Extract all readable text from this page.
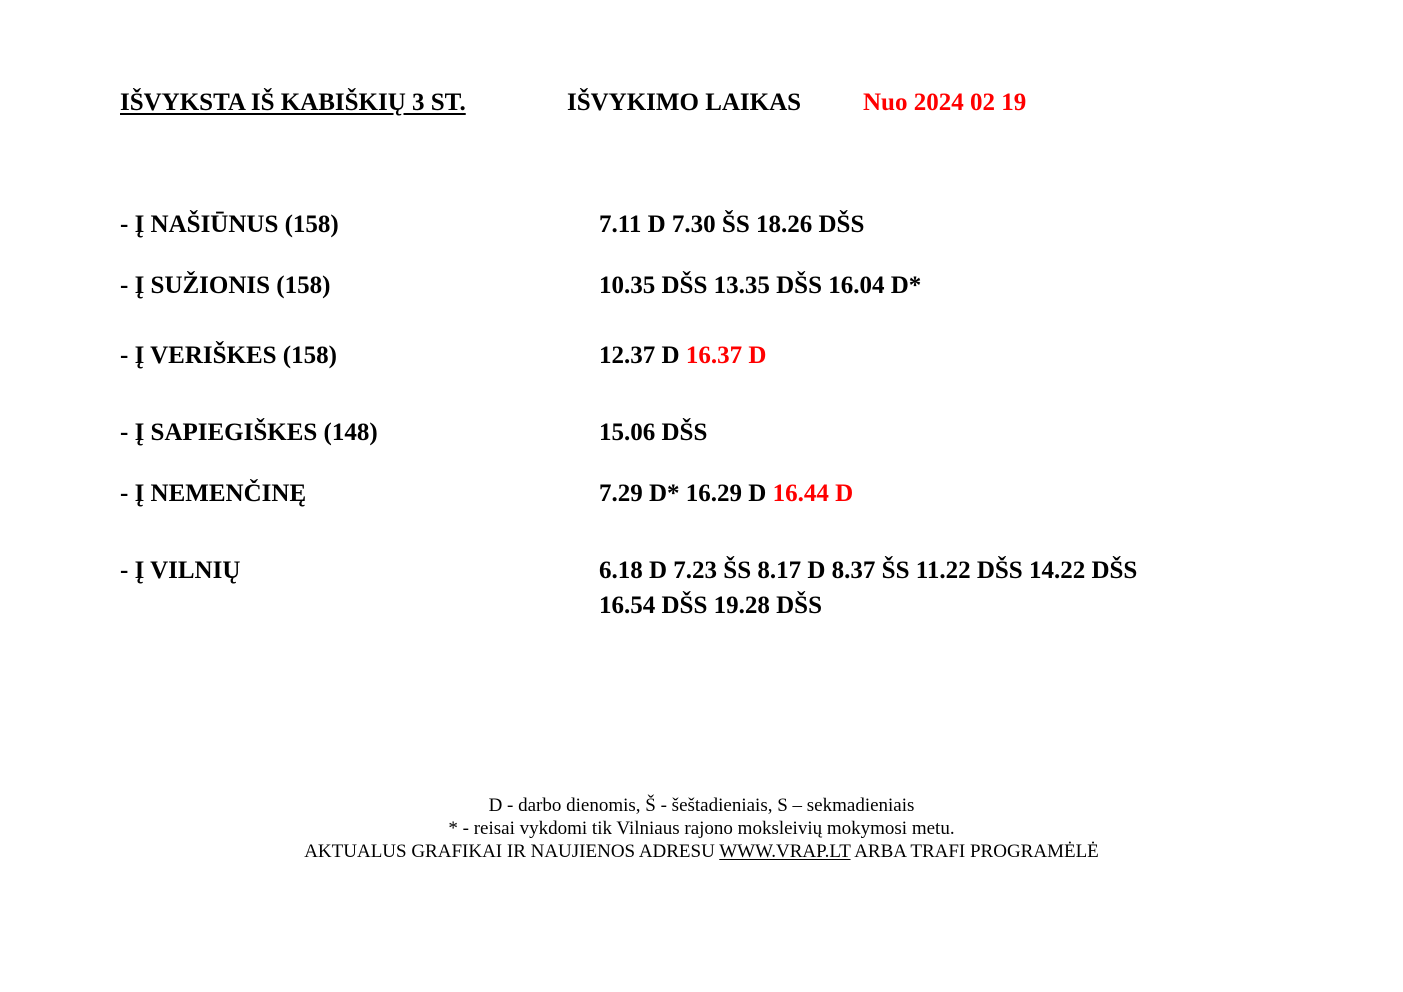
IŠVYKSTA IŠ KABIŠKIŲ 3 ST.	IŠVYKIMO LAIKAS Nuo 2024 02 19
- Į NAŠIŪNUS (158)	7.11 D 7.30 ŠS 18.26 DŠS
- Į SUŽIONIS (158)	10.35 DŠS 13.35 DŠS 16.04 D*
- Į VERIŠKES (158)	12.37 D 16.37 D
- Į SAPIEGIŠKES (148)	15.06 DŠS
- Į NEMENČINĘ	7.29 D* 16.29 D 16.44 D
- Į VILNIŲ	6.18 D 7.23 ŠS 8.17 D 8.37 ŠS 11.22 DŠS 14.22 DŠS
16.54 DŠS 19.28 DŠS
D - darbo dienomis, Š - šeštadieniais, S – sekmadieniais
* - reisai vykdomi tik Vilniaus rajono moksleivių mokymosi metu.
AKTUALUS GRAFIKAI IR NAUJIENOS ADRESU WWW.VRAP.LT ARBA TRAFI PROGRAMĖLĖ
